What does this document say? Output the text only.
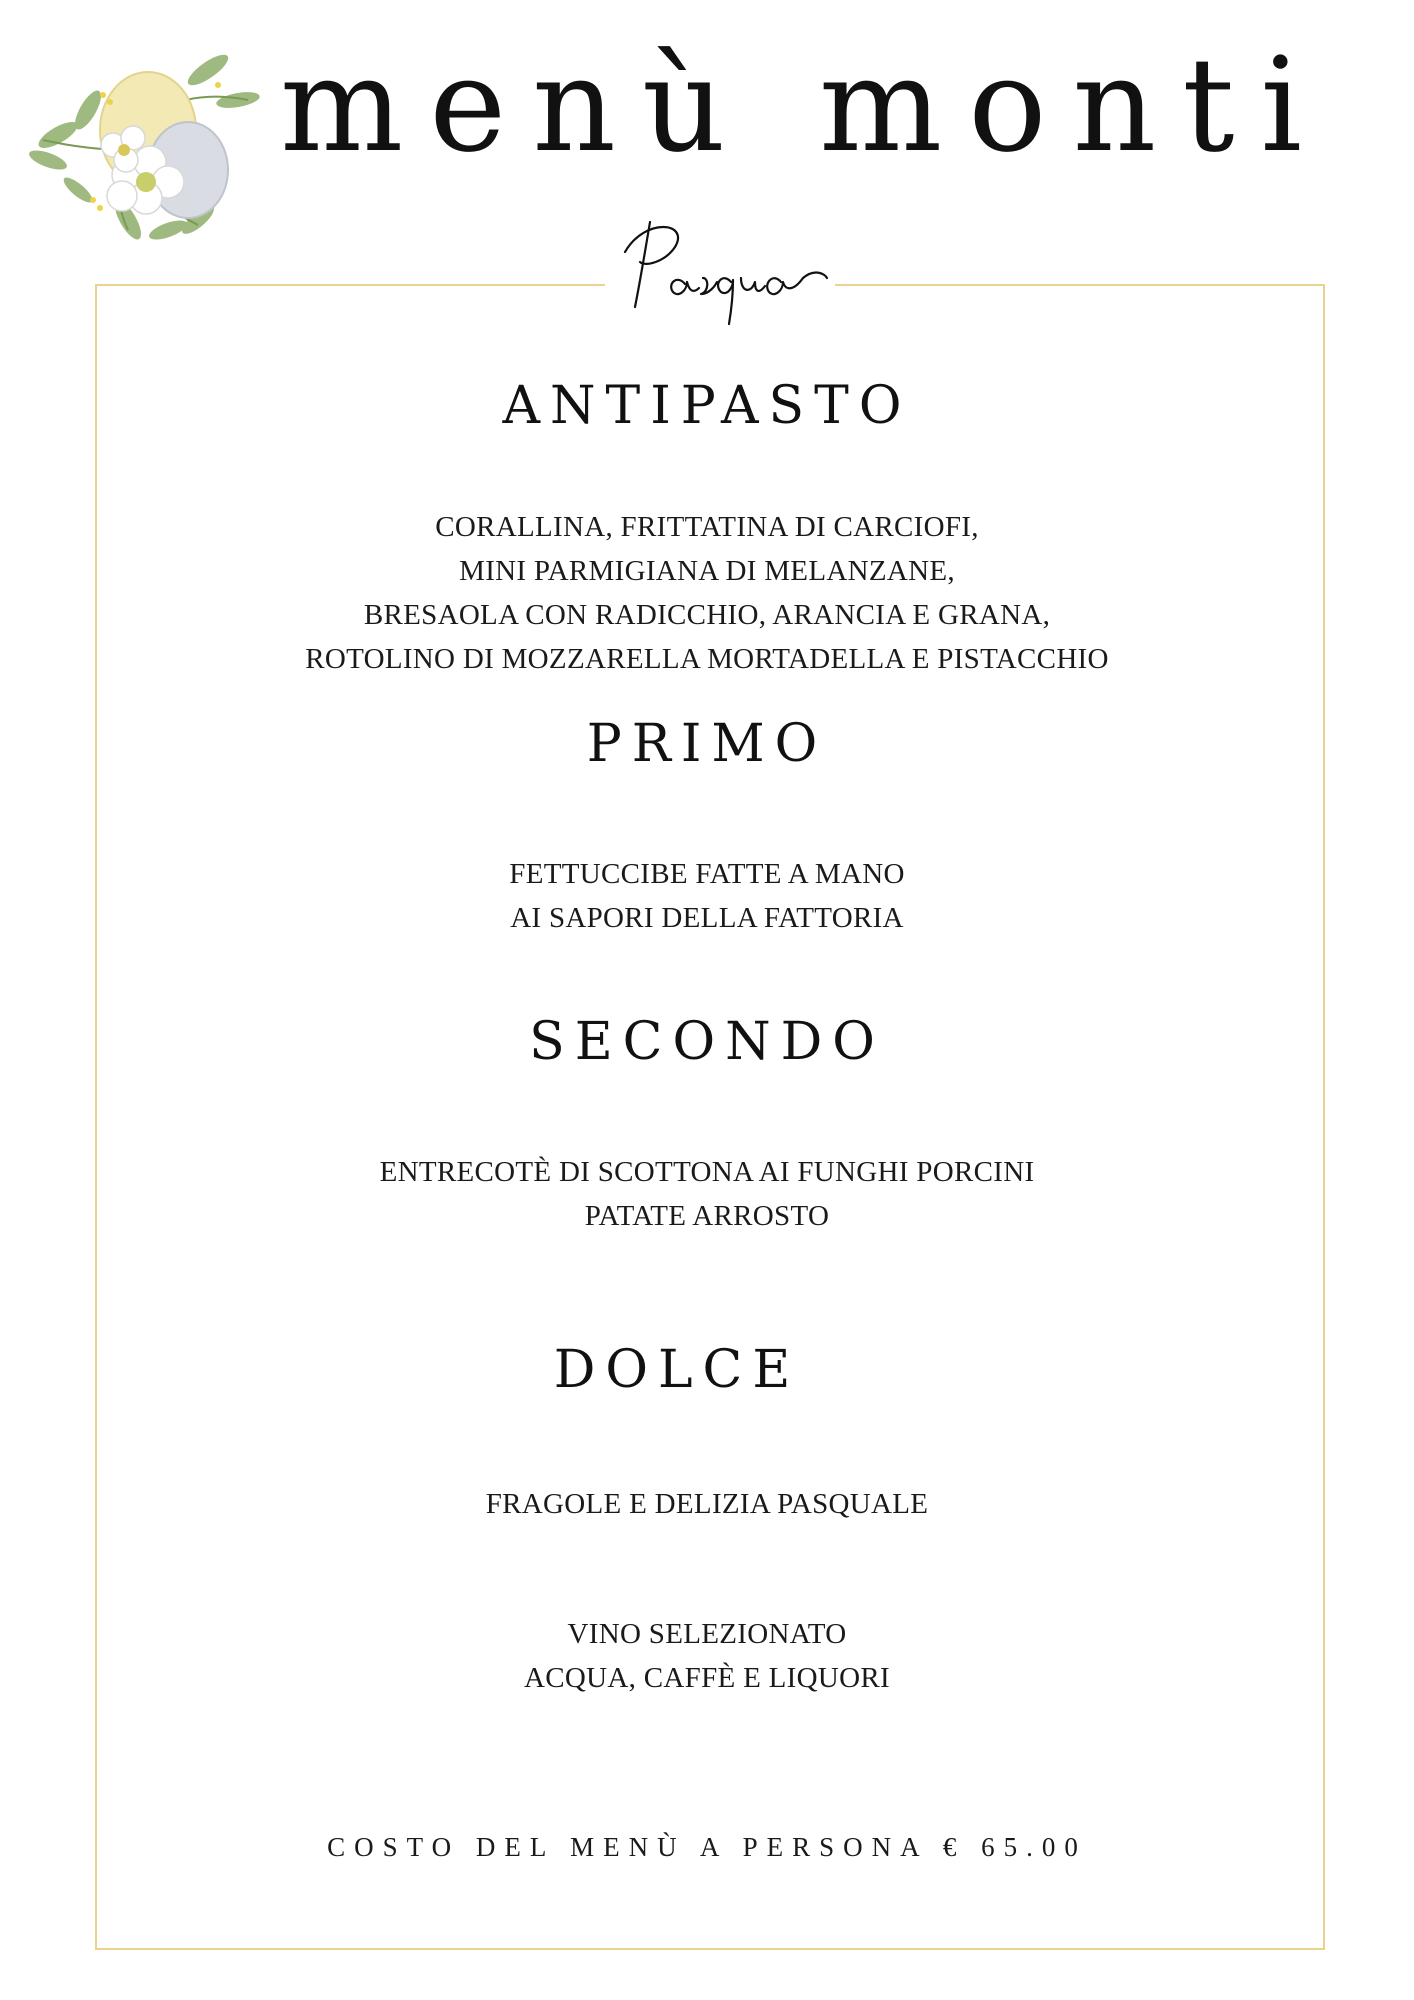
menù monti
ANTIPASTO
CORALLINA, FRITTATINA DI CARCIOFI,
MINI PARMIGIANA DI MELANZANE,
BRESAOLA CON RADICCHIO, ARANCIA E GRANA,
ROTOLINO DI MOZZARELLA MORTADELLA E PISTACCHIO
PRIMO
FETTUCCIBE FATTE A MANO
AI SAPORI DELLA FATTORIA
SECONDO
ENTRECOTÈ DI SCOTTONA AI FUNGHI PORCINI
PATATE ARROSTO
DOLCE
FRAGOLE E DELIZIA PASQUALE
VINO SELEZIONATO
ACQUA, CAFFÈ E LIQUORI
COSTO DEL MENÙ A PERSONA € 65.00
